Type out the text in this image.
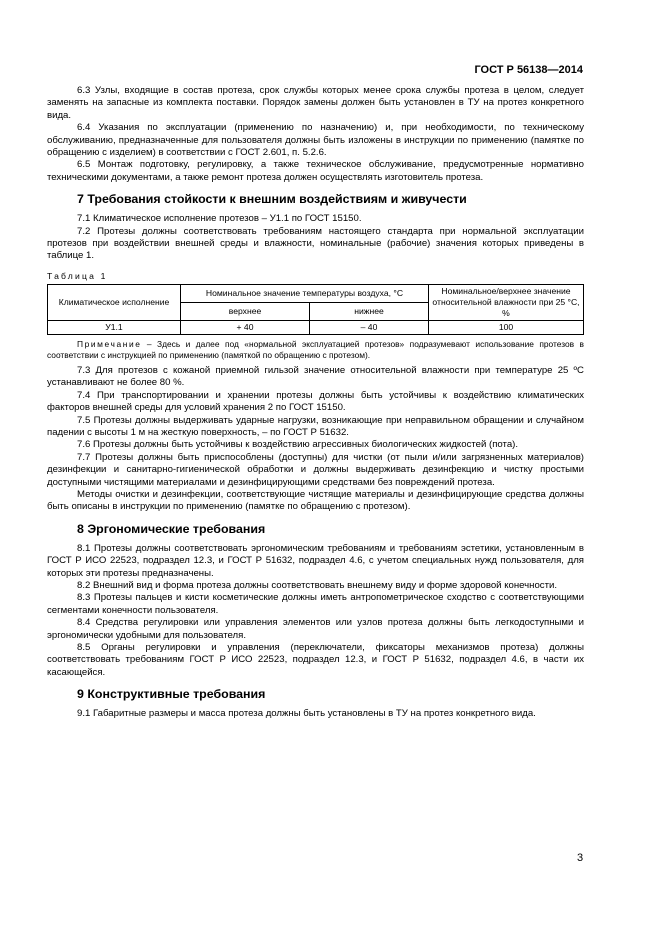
ГОСТ Р 56138—2014

6.3 Узлы, входящие в состав протеза, срок службы которых менее срока службы протеза в целом, следует заменять на запасные из комплекта поставки. Порядок замены должен быть установлен в ТУ на протез конкретного вида.

6.4 Указания по эксплуатации (применению по назначению) и, при необходимости, по техническому обслуживанию, предназначенные для пользователя должны быть изложены в инструкции по применению (памятке по обращению с изделием) в соответствии с ГОСТ 2.601, п. 5.2.6.

6.5 Монтаж подготовку, регулировку, а также техническое обслуживание, предусмотренные нормативно техническими документами, а также ремонт протеза должен осуществлять изготовитель протеза.

7 Требования стойкости к внешним воздействиям и живучести

7.1 Климатическое исполнение протезов – У1.1 по ГОСТ 15150.

7.2 Протезы должны соответствовать требованиям настоящего стандарта при нормальной эксплуатации протезов при воздействии внешней среды и влажности, номинальные (рабочие) значения которых приведены в таблице 1.

Таблица 1
Климатическое исполнение	Номинальное значение температуры воздуха, °С		Номинальное/верхнее значение относительной влажности при 25 °С, %
	верхнее	нижнее	
У1.1	+ 40	– 40	100

Примечание – Здесь и далее под «нормальной эксплуатацией протезов» подразумевают использование протезов в соответствии с инструкцией по применению (памяткой по обращению с протезом).

7.3 Для протезов с кожаной приемной гильзой значение относительной влажности при температуре 25 ºС устанавливают не более 80 %.

7.4 При транспортировании и хранении протезы должны быть устойчивы к воздействию климатических факторов внешней среды для условий хранения 2 по ГОСТ 15150.

7.5 Протезы должны выдерживать ударные нагрузки, возникающие при неправильном обращении и случайном падении с высоты 1 м на жесткую поверхность, – по ГОСТ Р 51632.

7.6 Протезы должны быть устойчивы к воздействию агрессивных биологических жидкостей (пота).

7.7 Протезы должны быть приспособлены (доступны) для чистки (от пыли и/или загрязненных материалов) дезинфекции и санитарно-гигиенической обработки и должны выдерживать дезинфекцию и чистку простыми доступными чистящими материалами и дезинфицирующими средствами без повреждений протеза.

Методы очистки и дезинфекции, соответствующие чистящие материалы и дезинфицирующие средства должны быть описаны в инструкции по применению (памятке по обращению с протезом).

8 Эргономические требования

8.1 Протезы должны соответствовать эргономическим требованиям и требованиям эстетики, установленным в ГОСТ Р ИСО 22523, подраздел 12.3, и ГОСТ Р 51632, подраздел 4.6, с учетом специальных нужд пользователя, для которых эти протезы предназначены.

8.2 Внешний вид и форма протеза должны соответствовать внешнему виду и форме здоровой конечности.

8.3 Протезы пальцев и кисти косметические должны иметь антропометрическое сходство с соответствующими сегментами конечности пользователя.

8.4 Средства регулировки или управления элементов или узлов протеза должны быть легкодоступными и эргономически удобными для пользователя.

8.5 Органы регулировки и управления (переключатели, фиксаторы механизмов протеза) должны соответствовать требованиям ГОСТ Р ИСО 22523, подраздел 12.3, и ГОСТ Р 51632, подраздел 4.6, в части их касающейся.

9 Конструктивные требования

9.1 Габаритные размеры и масса протеза должны быть установлены в ТУ на протез конкретного вида.

3
